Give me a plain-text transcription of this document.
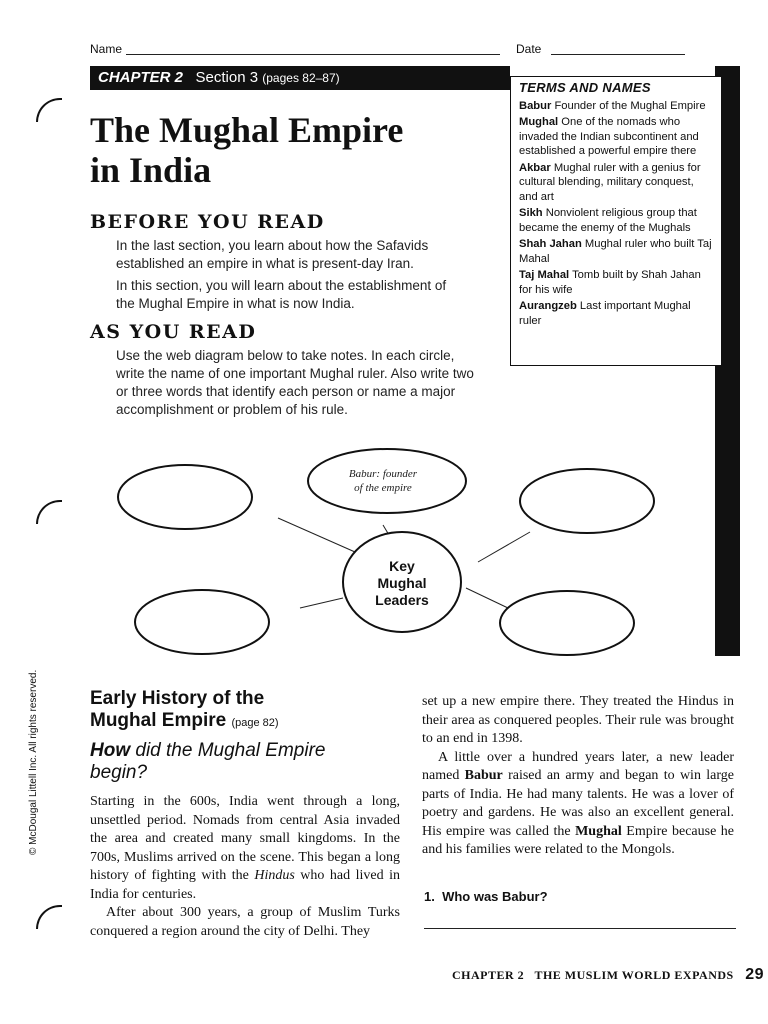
Name	Date
CHAPTER 2 Section 3 (pages 82–87)
TERMS AND NAMES
Babur Founder of the Mughal Empire
Mughal One of the nomads who invaded the Indian subcontinent and established a powerful empire there
Akbar Mughal ruler with a genius for cultural blending, military conquest, and art
Sikh Nonviolent religious group that became the enemy of the Mughals
Shah Jahan Mughal ruler who built Taj Mahal
Taj Mahal Tomb built by Shah Jahan for his wife
Aurangzeb Last important Mughal ruler
The Mughal Empire
in India
BEFORE YOU READ
In the last section, you learn about how the Safavids established an empire in what is present-day Iran.
In this section, you will learn about the establishment of the Mughal Empire in what is now India.
AS YOU READ
Use the web diagram below to take notes. In each circle, write the name of one important Mughal ruler. Also write two or three words that identify each person or name a major accomplishment or problem of his rule.
Babur: founder
of the empire
Key
Mughal
Leaders
Early History of the
Mughal Empire (page 82)
How did the Mughal Empire
begin?
Starting in the 600s, India went through a long, unsettled period. Nomads from central Asia invaded the area and created many small kingdoms. In the 700s, Muslims arrived on the scene. This began a long history of fighting with the Hindus who had lived in India for centuries.
After about 300 years, a group of Muslim Turks conquered a region around the city of Delhi. They
set up a new empire there. They treated the Hindus in their area as conquered peoples. Their rule was brought to an end in 1398.
A little over a hundred years later, a new leader named Babur raised an army and began to win large parts of India. He had many talents. He was a lover of poetry and gardens. He was also an excellent general. His empire was called the Mughal Empire because he and his families were related to the Mongols.
1. Who was Babur?
© McDougal Littell Inc. All rights reserved.
CHAPTER 2 THE MUSLIM WORLD EXPANDS 29
